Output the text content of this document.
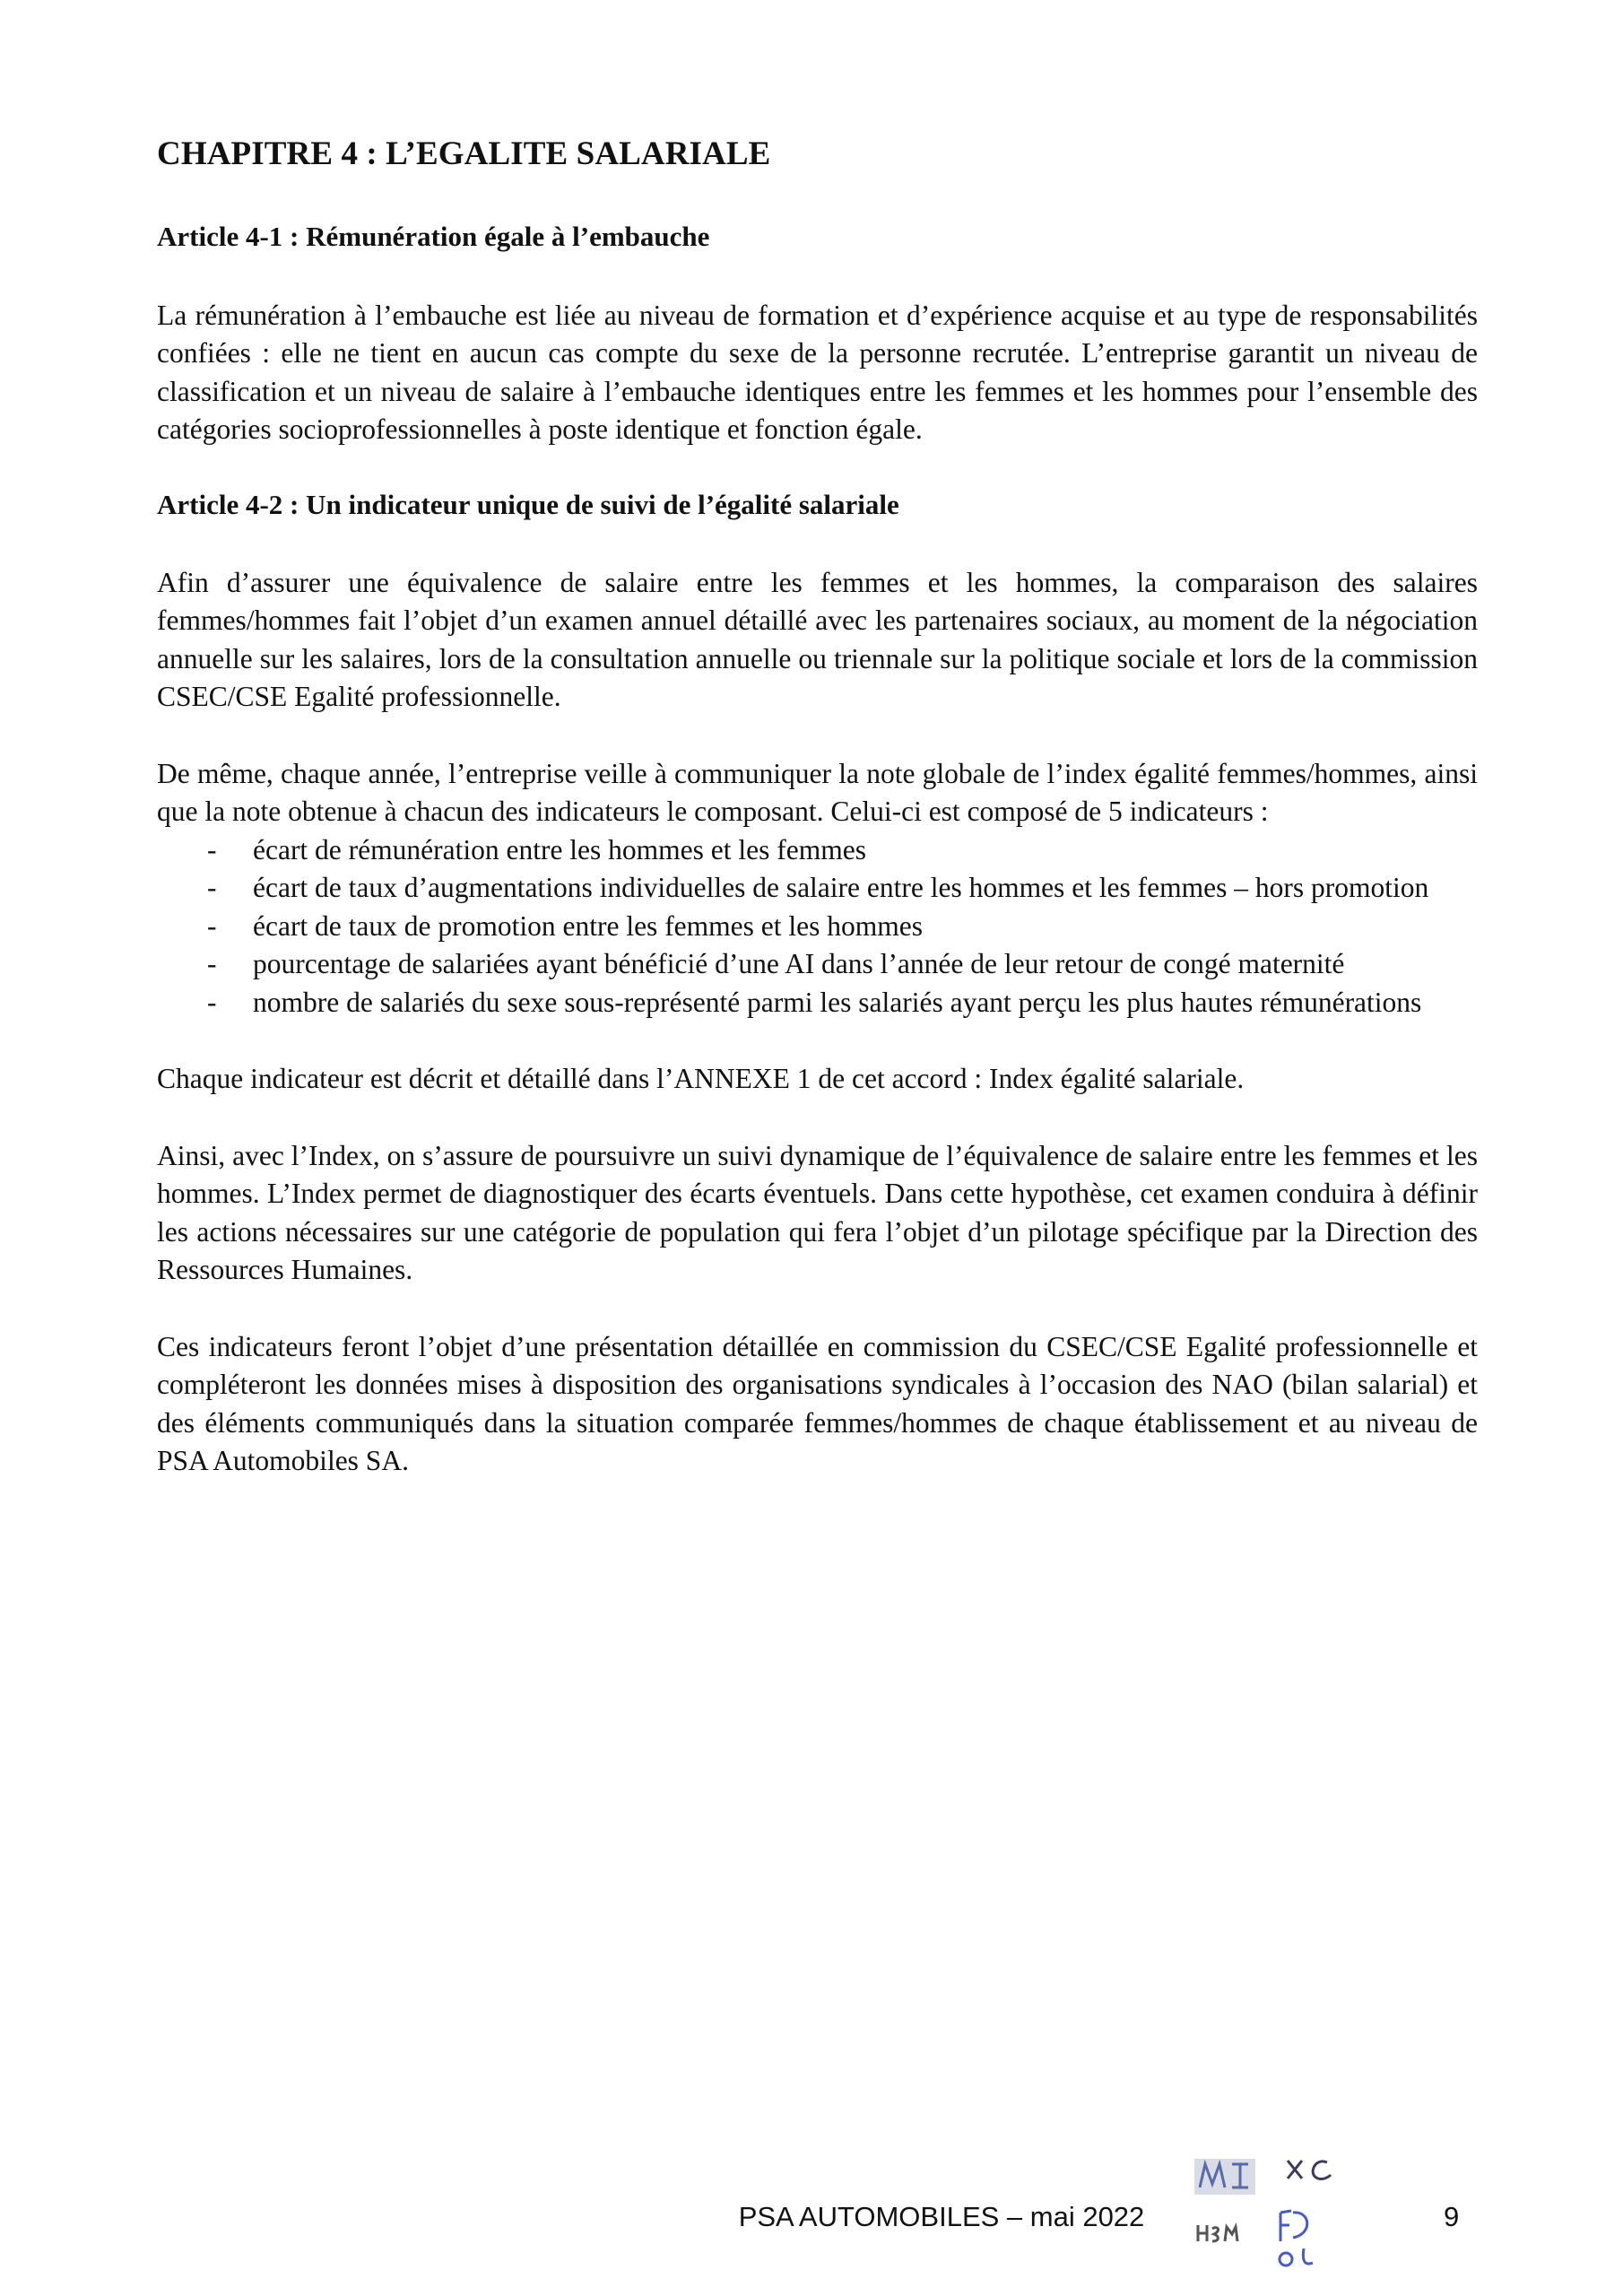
CHAPITRE 4 : L’EGALITE SALARIALE
Article 4-1 : Rémunération égale à l’embauche

La rémunération à l’embauche est liée au niveau de formation et d’expérience acquise et au type de responsabilités confiées : elle ne tient en aucun cas compte du sexe de la personne recrutée. L’entreprise garantit un niveau de classification et un niveau de salaire à l’embauche identiques entre les femmes et les hommes pour l’ensemble des catégories socioprofessionnelles à poste identique et fonction égale.

Article 4-2 : Un indicateur unique de suivi de l’égalité salariale

Afin d’assurer une équivalence de salaire entre les femmes et les hommes, la comparaison des salaires femmes/hommes fait l’objet d’un examen annuel détaillé avec les partenaires sociaux, au moment de la négociation annuelle sur les salaires, lors de la consultation annuelle ou triennale sur la politique sociale et lors de la commission CSEC/CSE Egalité professionnelle.

De même, chaque année, l’entreprise veille à communiquer la note globale de l’index égalité femmes/hommes, ainsi que la note obtenue à chacun des indicateurs le composant. Celui-ci est composé de 5 indicateurs :

- écart de rémunération entre les hommes et les femmes
- écart de taux d’augmentations individuelles de salaire entre les hommes et les femmes – hors promotion
- écart de taux de promotion entre les femmes et les hommes
- pourcentage de salariées ayant bénéficié d’une AI dans l’année de leur retour de congé maternité
- nombre de salariés du sexe sous-représenté parmi les salariés ayant perçu les plus hautes rémunérations

Chaque indicateur est décrit et détaillé dans l’ANNEXE 1 de cet accord : Index égalité salariale.

Ainsi, avec l’Index, on s’assure de poursuivre un suivi dynamique de l’équivalence de salaire entre les femmes et les hommes. L’Index permet de diagnostiquer des écarts éventuels. Dans cette hypothèse, cet examen conduira à définir les actions nécessaires sur une catégorie de population qui fera l’objet d’un pilotage spécifique par la Direction des Ressources Humaines.

Ces indicateurs feront l’objet d’une présentation détaillée en commission du CSEC/CSE Egalité professionnelle et compléteront les données mises à disposition des organisations syndicales à l’occasion des NAO (bilan salarial) et des éléments communiqués dans la situation comparée femmes/hommes de chaque établissement et au niveau de PSA Automobiles SA.

PSA AUTOMOBILES – mai 2022	9
